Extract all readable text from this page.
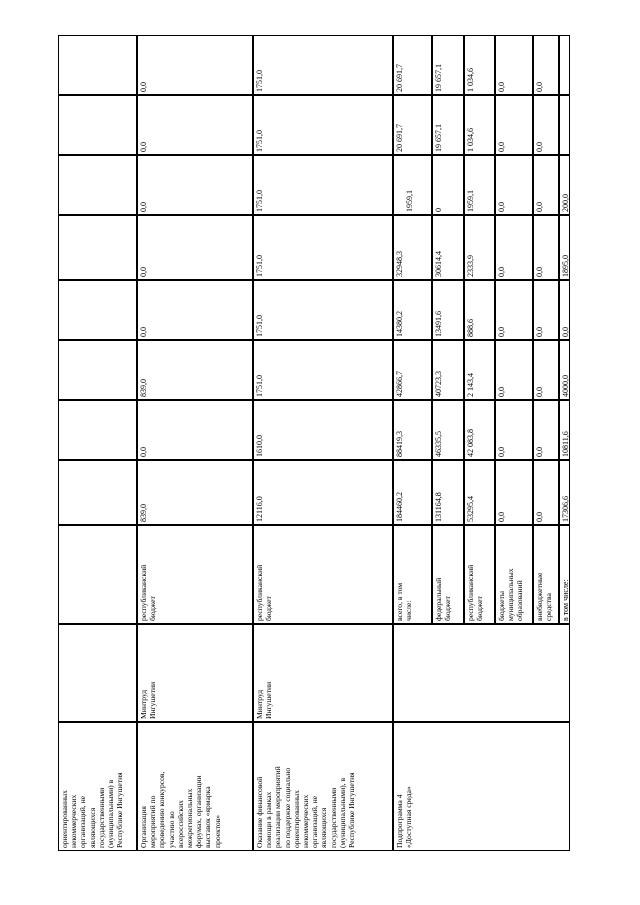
ориентированных
некоммерческих
организаций, не
являющихся
государственными
(муниципальными) в
Республике Ингушетия
Организация
мероприятий по
проведению конкурсов,
участию во
всероссийских
межрегиональных
форумах, организации
выставок «ярмарка
проектов»
Минтруд
Ингушетии
республиканский
бюджет
839,0
0,0
839,0
0,0
0,0
0,0
0,0
0,0
Оказание финансовой
помощи в рамках
реализации мероприятий
по поддержке социально
ориентированных
некоммерческих
организаций, не
являющихся
государственными
(муниципальными), в
Республике Ингушетия
Минтруд
Ингушетии
республиканский
бюджет
12116,0
1610,0
1751,0
1751,0
1751,0
1751,0
1751,0
1751,0
Подпрограмма 4
«Доступная среда»
всего, в том
числе:
184460,2
88419,3
42866,7
14380,2
32948,3
1959,1
20 691,7
20 691,7
федеральный
бюджет
131164,8
46335,5
40723,3
13491,6
30614,4
0
19 657,1
19 657,1
республиканский
бюджет
53295,4
42 083,8
2 143,4
888,6
2333,9
1959,1
1 034,6
1 034,6
бюджеты
муниципальных
образований
0,0
0,0
0,0
0,0
0,0
0,0
0,0
0,0
внебюджетные
средства
0,0
0,0
0,0
0,0
0,0
0,0
0,0
0,0
в том числе:
17306,6
10811,6
4000,0
0,0
1895,0
200,0
